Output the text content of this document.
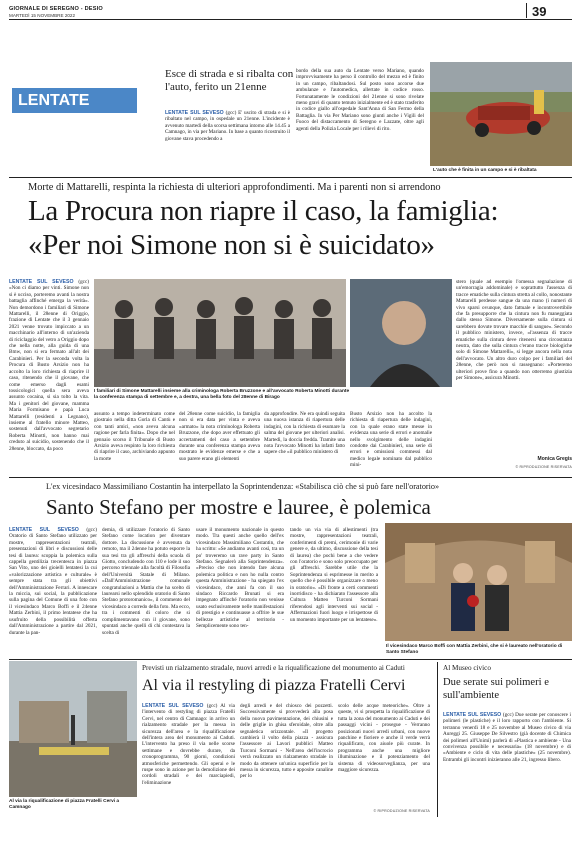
GIORNALE DI SEREGNO - DESIO
MARTEDÌ 15 NOVEMBRE 2022	39
LENTATE
Esce di strada e si ribalta con l'auto, ferito un 21enne
LENTATE SUL SEVESO (gcc) E' uscito di strada e si è ribaltato nel campo, in ospedale un 21enne. L'incidente è avvenuto martedì della scorsa settimana intorno alle 14.45 a Camnago, in via per Mariano. In base a quanto ricostruito il giovane stava procedendo a
bordo della sua auto da Lentate verso Mariano, quando improvvisamente ha perso il controllo del mezzo ed è finito in un campo, ribaltandosi. Sul posto sono accorse due ambulanze e l'automedica, allertate in codice rosso. Fortunatamente le condizioni del 21enne si sono rivelate meno gravi di quanto temuto inizialmente ed è stato trasferito in codice giallo all'ospedale Sant'Anna di San Fermo della Battaglia. In via Per Mariano sono giunti anche i Vigili del Fuoco del distaccamento di Seregno e Lazzate, oltre agli agenti della Polizia Locale per i rilievi di rito.
L'auto che è finita in un campo e si è ribaltata
Morte di Mattarelli, respinta la richiesta di ulteriori approfondimenti. Ma i parenti non si arrendono
La Procura non riapre il caso, la famiglia:
«Per noi Simone non si è suicidato»
LENTATE SUL SEVESO (gcc) «Non ci diamo per vinti. Simone non si è ucciso, porteremo avanti la nostra battaglia affinché emerga la verità». Non demordono i familiari di Simone Mattarelli, il 28enne di Origgio, frazione di Lentate che il 3 gennaio 2021 venne trovato impiccato a un macchinario all'interno di un'azienda di riciclaggio del vetro a Origgio dopo che nella notte, alla guida di una Bmw, non si era fermato all'alt dei Carabinieri. Per la seconda volta la Procura di Busto Arsizio non ha accolto la loro richiesta di riaprire il caso, ritenendo che il giovane, che come emerso dagli esami tossicologici quella sera aveva assunto cocaina, si sia tolto la vita. Ma i genitori del giovane, mamma Maria Formisano e papà Luca Mattarelli (residenti a Legnano), insieme al fratello minore Matteo, sostenuti dall'avvocato segretario Roberta Minotti, non hanno mai creduto al suicidio, sostenendo che il 28enne, bloccato, da poco
I familiari di Simone Mattarelli insieme alla criminologa Roberta Bruzzone e all'avvocato Roberta Minotti durante la conferenza stampa di settembre e, a destra, una bella foto del 28enne di Birago
assunto a tempo indeterminato come giostraio nella ditta Gorla di Cantù e con tanti amici, «non aveva alcuna ragione per farla finita». Dopo che nel gennaio scorso il Tribunale di Busto Arsizio aveva respinto la loro richiesta di riaprire il caso, archiviando appunto la morte
del 28enne come suicidio, la famiglia non si era data per vinta e aveva «armato» la nota criminologa Roberta Bruzzone, che dopo aver effettuato gli accertamenti del caso a settembre durante una conferenza stampa aveva mostrato le evidenze emerse e che a suo parere erano gli elementi
da approfondire. Ne era quindi seguita una nuova istanza di riapertura delle indagini, con la richiesta di esumare la salma del giovane per ulteriori analisi. Martedì, la doccia fredda. Tramite una nota l'avvocato Minotti ha infatti fatto sapere che «il pubblico ministero di
Busto Arsizio non ha accolto la richiesta di riapertura delle indagini, con la quale erano state messe in evidenza una serie di errori e anomalie nello svolgimento delle indagini condotte dai Carabinieri, una serie di errori e omissioni commessi dal medico legale nominato dal pubblico mini-
stero (quale ad esempio l'omessa segnalazione di un'emorragia addominale) e soprattutto l'assenza di tracce ematiche sulla cintura stretta al collo, nonostante Mattarelli perdesse sangue da una mano (i numeri di vivo sparsi ovunque, dato fattuale e incontrovertibile che fa presupporre che la cintura non fu maneggiata dallo stesso Simone. Diversamente sulla cintura si sarebbero dovute trovare macchie di sangue». Secondo il pubblico ministero, invece, «l'assenza di tracce ematiche sulla cintura deve ritenersi una circostanza neutra, dato che sulla cintura c'erano tracce biologiche solo di Simone Mattarelli», si legge ancora nella nota dell'avvocato. Un altro duro colpo per i familiari del 28enne, che però non si rassegnano: «Porteremo ulteriori prove fino a quando non otterremo giustizia per Simone», assicura Minotti.
Monica Gregis
© RIPRODUZIONE RISERVATA
L'ex vicesindaco Massimiliano Costantin ha interpellato la Soprintendenza: «Stabilisca ciò che si può fare nell'oratorio»
Santo Stefano per mostre e lauree, è polemica
LENTATE SUL SEVESO (gcc) Oratorio di Santo Stefano utilizzato per mostre, rappresentazioni teatrali, presentazioni di libri e discussioni delle tesi di laurea: scoppia la polemica sulla cappella gentilizia trecentesca in piazza San Vito, uno dei gioielli lentatesi la cui «valorizzazione artistica e culturale» è sempre stata tra gli obiettivi dell'Amministrazione Ferrari. A innescare la miccia, sui social, la pubblicazione sulla pagina del Comune di una foto con il vicesindaco Marco Boffi e il 24enne Mattia Zerbini, il primo lentatese che ha usufruito della possibilità offerta dall'Amministrazione a partire dal 2021, durante la pan-
demia, di utilizzare l'oratorio di Santo Stefano come location per diventare dottore. La discussione è avvenuta da remoto, ma il 24enne ha potuto esporre la sua tesi tra gli affreschi della scuola di Giotto, concludendo con 110 e lode il suo percorso triennale alla facoltà di Filosofia dell'Università Statale di Milano. «Dall'Amministrazione comunale congratulazioni a Mattia che ha scelto di laurearsi nello splendido oratorio di Santo Stefano protoromanico», il commento del vicesindaco a corredo della foto. Ma ecco, tra i commenti di coloro che si complimentavano con il giovane, sono spuntati anche quelli di chi contestava la scelta di
usare il monumento nazionale in questo modo. Tra questi anche quello dell'ex vicesindaco Massimiliano Costantin, che ha scritto: «Se andiamo avanti così, tra un po' troveremo un rave party in Santo Stefano. Segnalerò alla Soprintendenza». «Preciso che non intendo fare alcuna polemica politica e non ho nulla contro questa Amministrazione - ha spiegato l'ex vicesindaco, che anni fa con il suo sindaco Riccardo Brunati si era impegnato affinché l'oratorio non venisse usato esclusivamente nelle manifestazioni di prestigio e continuasse a offrire le sue bellezze artistiche al territorio - Semplicemente sono ten-
tando un via via di allestimenti (tra mostre, rappresentazioni teatrali, conferimenti di premi, cerimonie di varie genere e, da ultimo, discussione della tesi di laurea) che pochi bene a che vedere con l'oratorio e sono solo preoccupato per gli affreschi. Sarebbe utile che la Soprintendenza si esprimesse in merito a quello che è possibile organizzare o meno in oratorio». «Di fronte a certi commenti inorridisco - ha dichiarato l'assessore alla Cultura Matteo Turconi Sormani riferendosi agli interventi sui social - Affermazioni fuori luogo e irrispettose di un momento importante per un lentatese».
Il vicesindaco Marco Boffi con Mattia Zerbini, che si è laureato nell'oratorio di Santo Stefano
Previsti un rialzamento stradale, nuovi arredi e la riqualificazione del monumento ai Caduti
Al via il restyling di piazza Fratelli Cervi
Al via la riqualificazione di piazza Fratelli Cervi a Camnago
LENTATE SUL SEVESO (gcc) Al via l'intervento di restyling di piazza Fratelli Cervi, nel centro di Camnago: in arrivo un rialzamento stradale per la messa in sicurezza dell'area e la riqualificazione dell'intera area del monumento ai Caduti. L'intervento ha preso il via nelle scorse settimane e dovrebbe durare, da cronoprogramma, 90 giorni, condizioni atmosferiche permettendo. Gli operai e le ruspe sono in azione per la demolizione dei cordoli stradali e dei marciapiedi, l'eliminazione
degli arredi e del chiosco dei pozzetti. Successivamente si provvederà alla posa della nuova pavimentazione, dei chiusini e delle griglie in ghisa sferoidale, oltre alla segnaletica orizzontale. «Il progetto cambierà il volto della piazza - assicura l'assessore ai Lavori pubblici Matteo Turconi Sormani - Nell'area dell'incrocio verrà realizzato un rialzamento stradale in modo da ottenere un'unica superficie per la messa in sicurezza, tutto e apposite canaline per lo
scolo delle acque meteoriche». Oltre a queste, vi si prospetta la riqualificazione di tutta la zona del monumento ai Caduti e dei passaggi vicini - prosegue - Verranno posizionati nuovi arredi urbani, con nuove panchine e fioriere e anche il verde verrà riqualificato, con aiuole più curate. In programma anche una migliore illuminazione e il potenziamento del sistema di videosorveglianza, per una maggiore sicurezza.
© RIPRODUZIONE RISERVATA
Al Museo civico
Due serate sui polimeri e sull'ambiente
LENTATE SUL SEVESO (gcc) Due serate per conoscere i polimeri (le plastiche) e il loro rapporto con l'ambiente. Si terranno venerdì 18 e 25 novembre al Museo civico di via Aureggi 25. Giuseppe De Silvestro (già docente di Chimica dei polimeri all'Unimi) parlerà di «Plastica e ambiente - Una convivenza possibile e necessaria» (18 novembre) e di «Ambiente e ciclo di vita delle plastiche» (25 novembre). Entrambi gli incontri inizieranno alle 21, ingresso libero.
